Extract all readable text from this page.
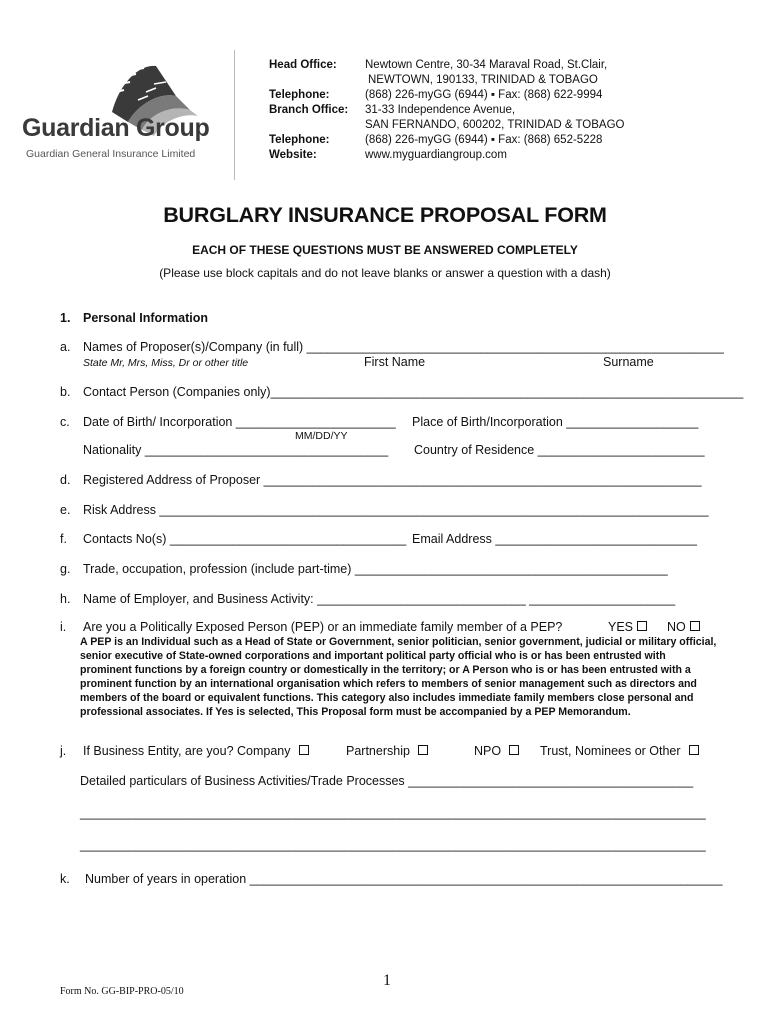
Guardian Group
Guardian General Insurance Limited
Head Office: Newtown Centre, 30-34 Maraval Road, St.Clair,
NEWTOWN, 190133, TRINIDAD & TOBAGO
Telephone:	(868) 226-myGG (6944) ▪ Fax: (868) 622-9994
Branch Office: 31-33 Independence Avenue,
SAN FERNANDO, 600202, TRINIDAD & TOBAGO
Telephone:	(868) 226-myGG (6944) ▪ Fax: (868) 652-5228
Website:	www.myguardiangroup.com
BURGLARY INSURANCE PROPOSAL FORM
EACH OF THESE QUESTIONS MUST BE ANSWERED COMPLETELY
(Please use block capitals and do not leave blanks or answer a question with a dash)
1. Personal Information
a. Names of Proposer(s)/Company (in full) ____________________________________________________________
State Mr, Mrs, Miss, Dr or other title	First Name	Surname
b. Contact Person (Companies only)____________________________________________________________________
c. Date of Birth/ Incorporation _______________________ Place of Birth/Incorporation ___________________
MM/DD/YY
Nationality ___________________________________ Country of Residence ________________________
d. Registered Address of Proposer _______________________________________________________________
e. Risk Address _______________________________________________________________________________
f. Contacts No(s) __________________________________ Email Address _____________________________
g. Trade, occupation, profession (include part-time) _____________________________________________
h. Name of Employer, and Business Activity: ______________________________ _____________________
i. Are you a Politically Exposed Person (PEP) or an immediate family member of a PEP?	YES	NO
A PEP is an Individual such as a Head of State or Government, senior politician, senior government, judicial or military official, senior executive of State-owned corporations and important political party official who is or has been entrusted with prominent functions by a foreign country or domestically in the territory; or A Person who is or has been entrusted with a prominent function by an international organisation which refers to members of senior management such as directors and members of the board or equivalent functions. This category also includes immediate family members close personal and professional associates. If Yes is selected, This Proposal form must be accompanied by a PEP Memorandum.
j. If Business Entity, are you? Company	Partnership	NPO	Trust, Nominees or Other
Detailed particulars of Business Activities/Trade Processes _________________________________________
__________________________________________________________________________________________
__________________________________________________________________________________________
k. Number of years in operation ____________________________________________________________________
1
Form No. GG-BIP-PRO-05/10
